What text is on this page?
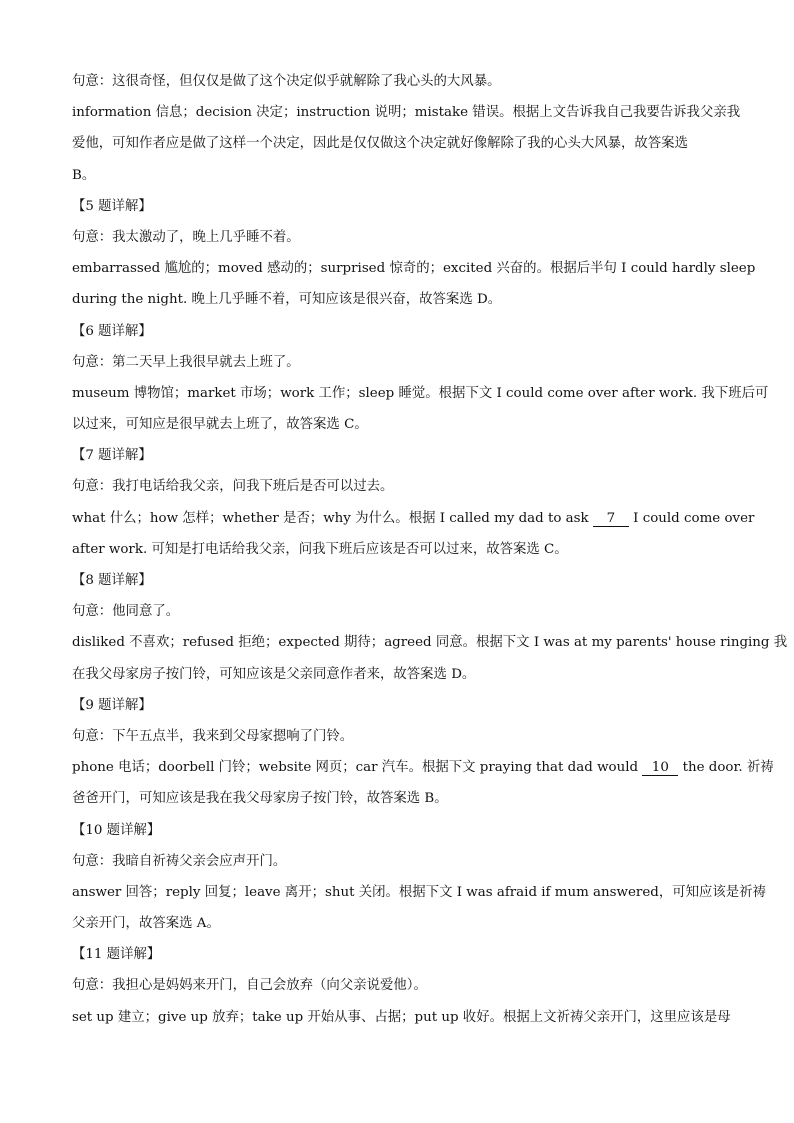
句意：这很奇怪，但仅仅是做了这个决定似乎就解除了我心头的大风暴。
information 信息；decision 决定；instruction 说明；mistake 错误。根据上文告诉我自己我要告诉我父亲我
爱他，可知作者应是做了这样一个决定，因此是仅仅做这个决定就好像解除了我的心头大风暴，故答案选
B。
【5 题详解】
句意：我太激动了，晚上几乎睡不着。
embarrassed 尴尬的；moved 感动的；surprised 惊奇的；excited 兴奋的。根据后半句 I could hardly sleep
during the night. 晚上几乎睡不着，可知应该是很兴奋，故答案选 D。
【6 题详解】
句意：第二天早上我很早就去上班了。
museum 博物馆；market 市场；work 工作；sleep 睡觉。根据下文 I could come over after work. 我下班后可
以过来，可知应是很早就去上班了，故答案选 C。
【7 题详解】
句意：我打电话给我父亲，问我下班后是否可以过去。
what 什么；how 怎样；whether 是否；why 为什么。根据 I called my dad to ask 7 I could come over
after work. 可知是打电话给我父亲，问我下班后应该是否可以过来，故答案选 C。
【8 题详解】
句意：他同意了。
disliked 不喜欢；refused 拒绝；expected 期待；agreed 同意。根据下文 I was at my parents' house ringing 我
在我父母家房子按门铃，可知应该是父亲同意作者来，故答案选 D。
【9 题详解】
句意：下午五点半，我来到父母家摁响了门铃。
phone 电话；doorbell 门铃；website 网页；car 汽车。根据下文 praying that dad would 10 the door. 祈祷
爸爸开门，可知应该是我在我父母家房子按门铃，故答案选 B。
【10 题详解】
句意：我暗自祈祷父亲会应声开门。
answer 回答；reply 回复；leave 离开；shut 关闭。根据下文 I was afraid if mum answered，可知应该是祈祷
父亲开门，故答案选 A。
【11 题详解】
句意：我担心是妈妈来开门，自己会放弃（向父亲说爱他）。
set up 建立；give up 放弃；take up 开始从事、占据；put up 收好。根据上文祈祷父亲开门，这里应该是母
